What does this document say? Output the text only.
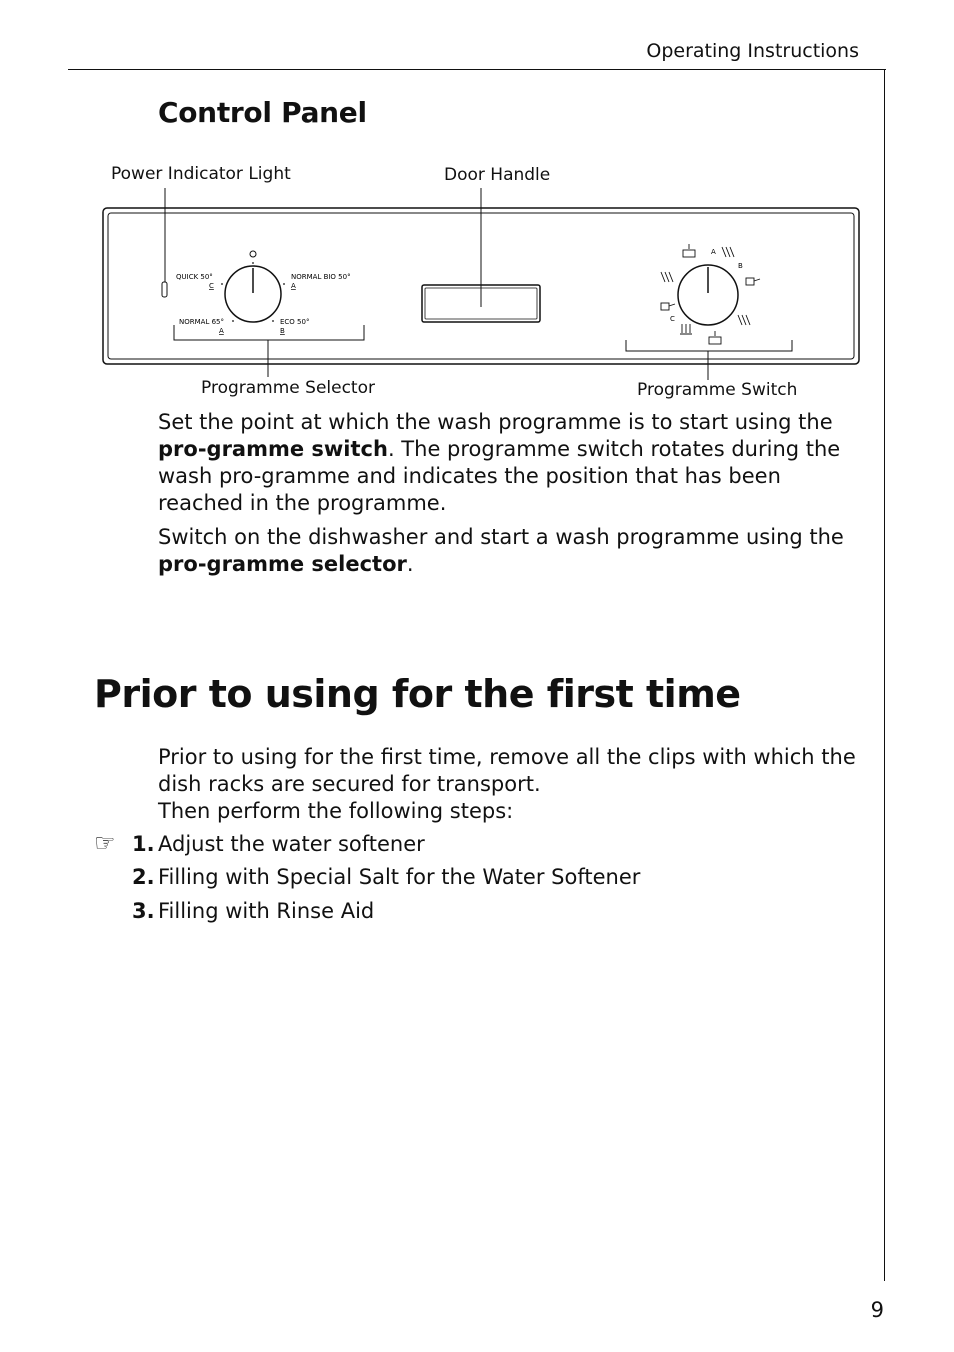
Operating Instructions
Control Panel
Power Indicator Light	Door Handle
Programme Selector	Programme Switch
QUICK 50°
C
NORMAL BIO 50°
A
NORMAL 65°
A
ECO 50°
B
A
B
C

Set the point at which the wash programme is to start using the pro-gramme switch. The programme switch rotates during the wash pro-gramme and indicates the position that has been reached in the programme.

Switch on the dishwasher and start a wash programme using the pro-gramme selector.

Prior to using for the first time

Prior to using for the first time, remove all the clips with which the dish racks are secured for transport.

Then perform the following steps:

☞ 1. Adjust the water softener
2. Filling with Special Salt for the Water Softener
3. Filling with Rinse Aid
9
